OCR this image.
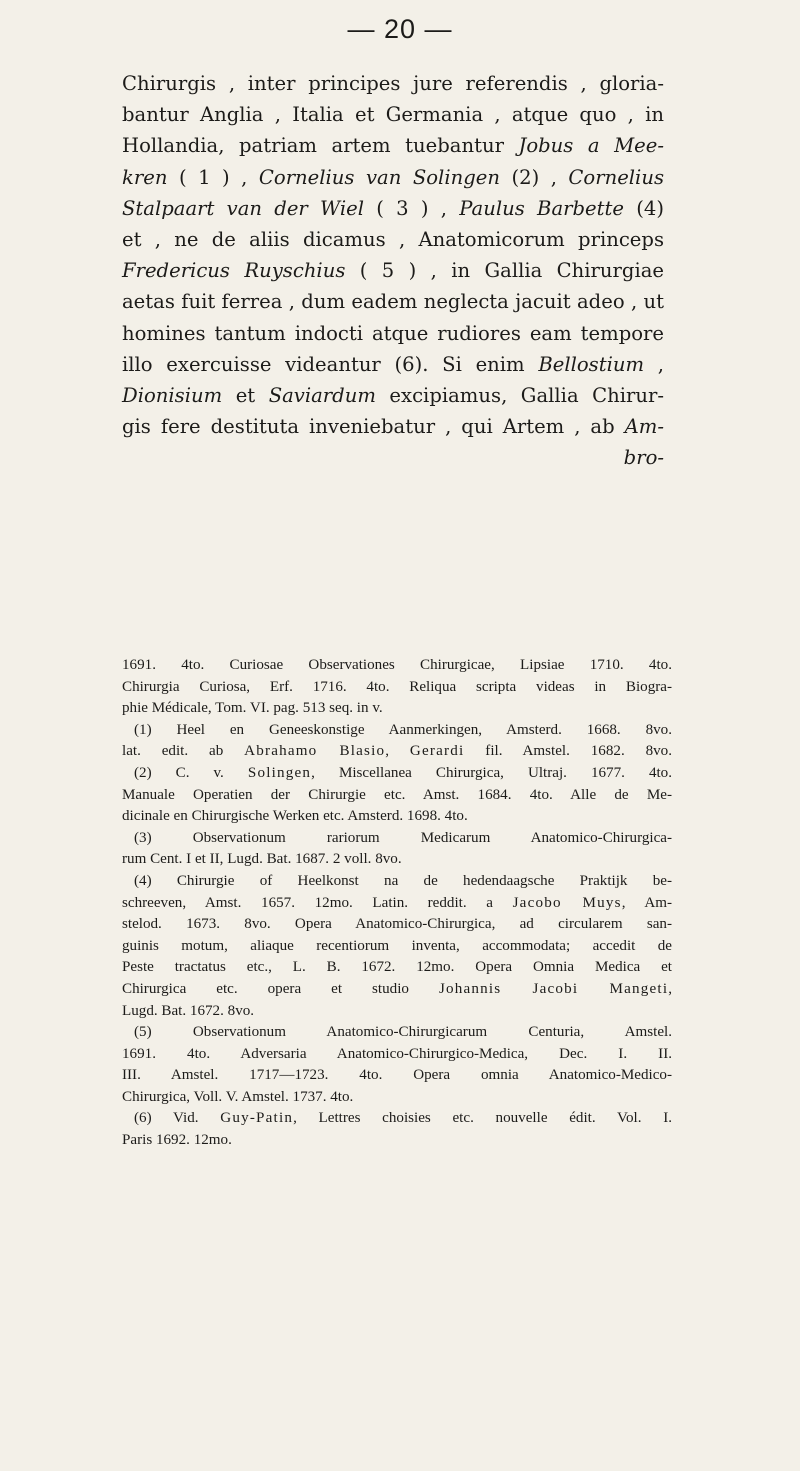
— 20 —
Chirurgis , inter principes jure referendis , gloria-
bantur Anglia , Italia et Germania , atque quo , in
Hollandia, patriam artem tuebantur Jobus a Mee-
kren ( 1 ) , Cornelius van Solingen (2) , Cornelius
Stalpaart van der Wiel ( 3 ) , Paulus Barbette (4)
et , ne de aliis dicamus , Anatomicorum princeps
Fredericus Ruyschius ( 5 ) , in Gallia Chirurgiae
aetas fuit ferrea , dum eadem neglecta jacuit adeo , ut
homines tantum indocti atque rudiores eam tempore
illo exercuisse videantur (6). Si enim Bellostium ,
Dionisium et Saviardum excipiamus, Gallia Chirur-
gis fere destituta inveniebatur , qui Artem , ab Am-
bro-
1691. 4to. Curiosae Observationes Chirurgicae, Lipsiae 1710. 4to.
Chirurgia Curiosa, Erf. 1716. 4to. Reliqua scripta videas in Biogra-
phie Médicale, Tom. VI. pag. 513 seq. in v.
(1) Heel en Geneeskonstige Aanmerkingen, Amsterd. 1668. 8vo.
lat. edit. ab Abrahamo Blasio, Gerardi fil. Amstel. 1682. 8vo.
(2) C. v. Solingen, Miscellanea Chirurgica, Ultraj. 1677. 4to.
Manuale Operatien der Chirurgie etc. Amst. 1684. 4to. Alle de Me-
dicinale en Chirurgische Werken etc. Amsterd. 1698. 4to.
(3) Observationum rariorum Medicarum Anatomico-Chirurgica-
rum Cent. I et II, Lugd. Bat. 1687. 2 voll. 8vo.
(4) Chirurgie of Heelkonst na de hedendaagsche Praktijk be-
schreeven, Amst. 1657. 12mo. Latin. reddit. a Jacobo Muys, Am-
stelod. 1673. 8vo. Opera Anatomico-Chirurgica, ad circularem san-
guinis motum, aliaque recentiorum inventa, accommodata; accedit de
Peste tractatus etc., L. B. 1672. 12mo. Opera Omnia Medica et
Chirurgica etc. opera et studio Johannis Jacobi Mangeti,
Lugd. Bat. 1672. 8vo.
(5) Observationum Anatomico-Chirurgicarum Centuria, Amstel.
1691. 4to. Adversaria Anatomico-Chirurgico-Medica, Dec. I. II.
III. Amstel. 1717—1723. 4to. Opera omnia Anatomico-Medico-
Chirurgica, Voll. V. Amstel. 1737. 4to.
(6) Vid. Guy-Patin, Lettres choisies etc. nouvelle édit. Vol. I.
Paris 1692. 12mo.
